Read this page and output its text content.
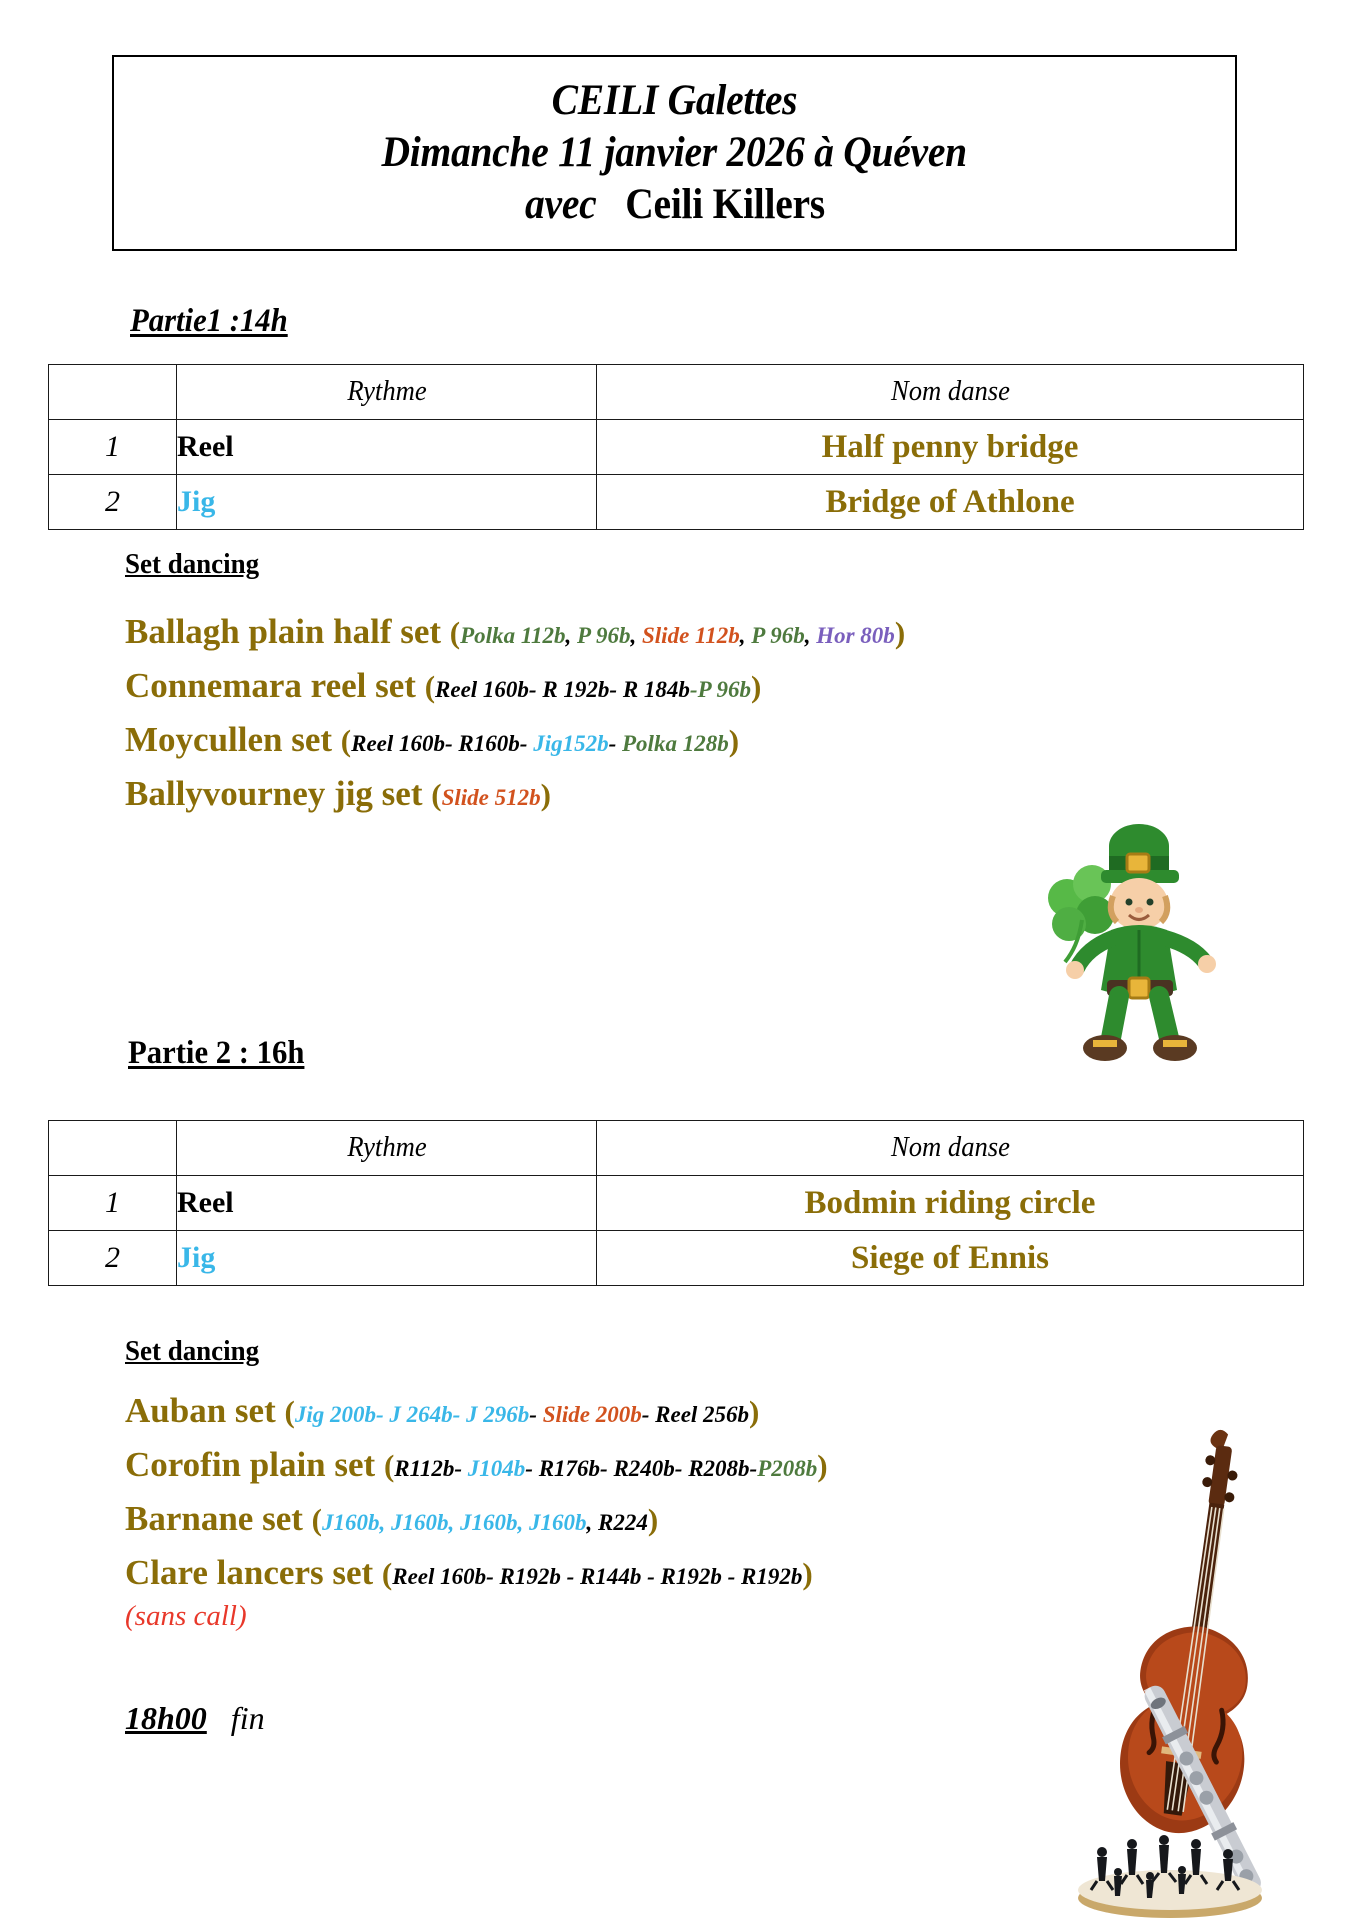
CEILI Galettes
Dimanche 11 janvier 2026 à Quéven
avec Ceili Killers
Partie1 :14h
	Rythme	Nom danse
1	Reel	Half penny bridge
2	Jig	Bridge of Athlone
Set dancing
Ballagh plain half set (Polka 112b, P 96b, Slide 112b, P 96b, Hor 80b)
Connemara reel set (Reel 160b- R 192b- R 184b-P 96b)
Moycullen set (Reel 160b- R160b- Jig152b- Polka 128b)
Ballyvourney jig set (Slide 512b)
Partie 2 : 16h
	Rythme	Nom danse
1	Reel	Bodmin riding circle
2	Jig	Siege of Ennis
Set dancing
Auban set (Jig 200b- J 264b- J 296b- Slide 200b- Reel 256b)
Corofin plain set (R112b- J104b- R176b- R240b- R208b-P208b)
Barnane set (J160b, J160b, J160b, J160b, R224)
Clare lancers set (Reel 160b- R192b - R144b - R192b - R192b)
(sans call)
18h00 fin
